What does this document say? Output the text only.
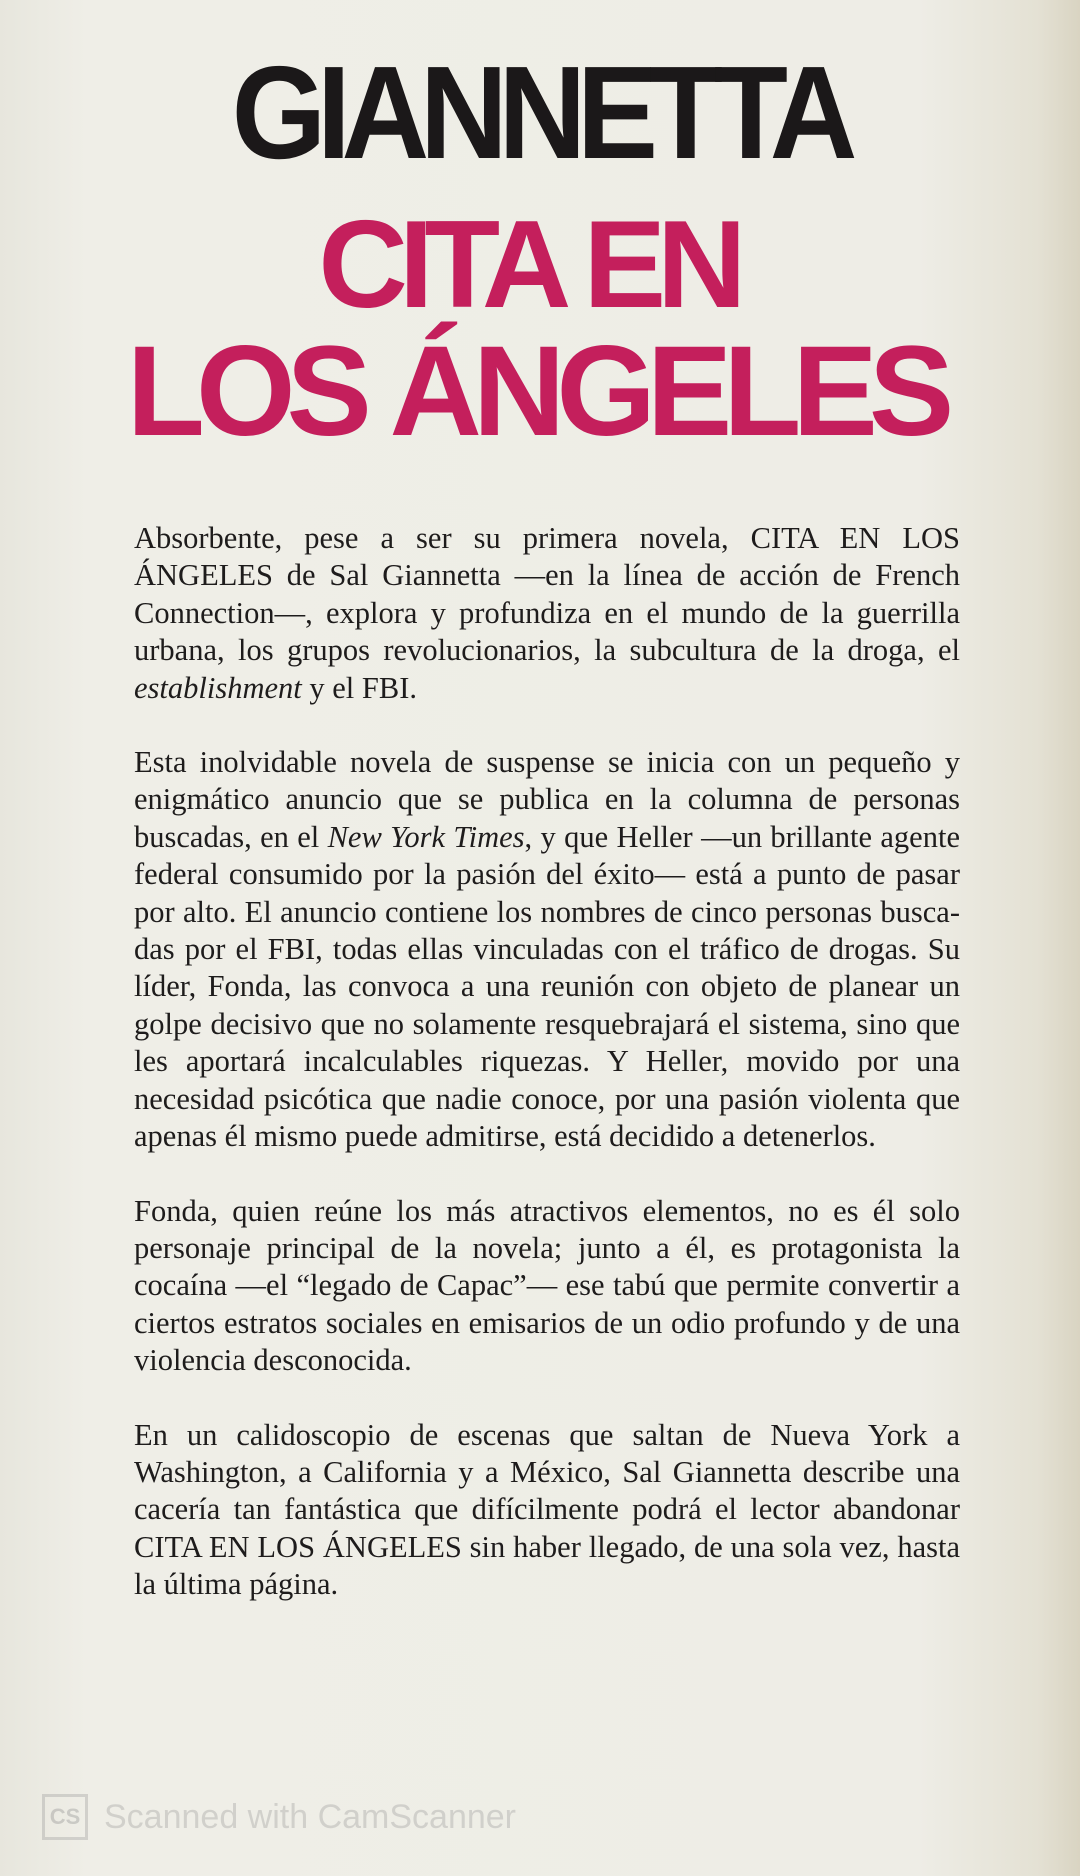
GIANNETTA
CITA EN
LOS ÁNGELES

Absorbente, pese a ser su primera novela, CITA EN LOS ÁNGELES de Sal Giannetta —en la línea de acción de French Connection—, explora y profundiza en el mundo de la guerrilla urbana, los grupos revolucionarios, la subcultura de la droga, el establishment y el FBI.

Esta inolvidable novela de suspense se inicia con un pequeño y enigmático anuncio que se publica en la columna de personas buscadas, en el New York Times, y que Heller —un brillante agente federal consumido por la pasión del éxito— está a punto de pasar por alto. El anuncio contiene los nombres de cinco personas buscadas por el FBI, todas ellas vinculadas con el tráfico de drogas. Su líder, Fonda, las convoca a una reunión con objeto de planear un golpe decisivo que no solamente resquebrajará el sistema, sino que les aportará incalculables riquezas. Y Heller, movido por una necesidad psicótica que nadie conoce, por una pasión violenta que apenas él mismo puede admitirse, está decidido a detenerlos.

Fonda, quien reúne los más atractivos elementos, no es él solo personaje principal de la novela; junto a él, es protagonista la cocaína —el “legado de Capac”— ese tabú que permite convertir a ciertos estratos sociales en emisarios de un odio profundo y de una violencia desconocida.

En un calidoscopio de escenas que saltan de Nueva York a Washington, a California y a México, Sal Giannetta describe una cacería tan fantástica que difícilmente podrá el lector abandonar CITA EN LOS ÁNGELES sin haber llegado, de una sola vez, hasta la última página.

CS Scanned with CamScanner
